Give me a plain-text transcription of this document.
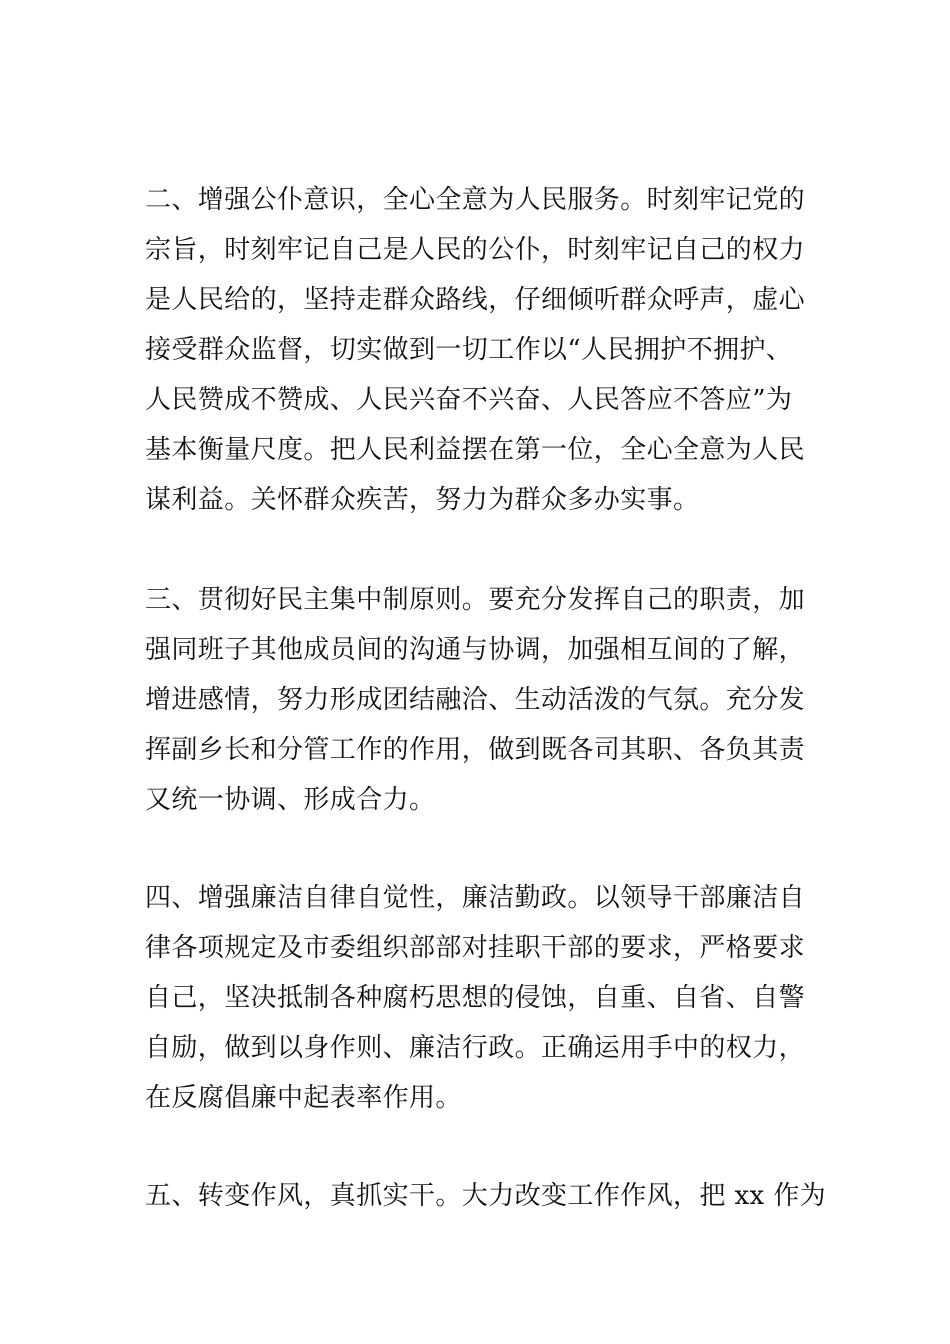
二、增强公仆意识，全心全意为人民服务。时刻牢记党的
宗旨，时刻牢记自己是人民的公仆，时刻牢记自己的权力
是人民给的，坚持走群众路线，仔细倾听群众呼声，虚心
接受群众监督，切实做到一切工作以“人民拥护不拥护、
人民赞成不赞成、人民兴奋不兴奋、人民答应不答应”为
基本衡量尺度。把人民利益摆在第一位，全心全意为人民
谋利益。关怀群众疾苦，努力为群众多办实事。

三、贯彻好民主集中制原则。要充分发挥自己的职责，加
强同班子其他成员间的沟通与协调，加强相互间的了解，
增进感情，努力形成团结融洽、生动活泼的气氛。充分发
挥副乡长和分管工作的作用，做到既各司其职、各负其责
又统一协调、形成合力。

四、增强廉洁自律自觉性，廉洁勤政。以领导干部廉洁自
律各项规定及市委组织部部对挂职干部的要求，严格要求
自己，坚决抵制各种腐朽思想的侵蚀，自重、自省、自警
自励，做到以身作则、廉洁行政。正确运用手中的权力，
在反腐倡廉中起表率作用。

五、转变作风，真抓实干。大力改变工作作风，把 xx 作为
